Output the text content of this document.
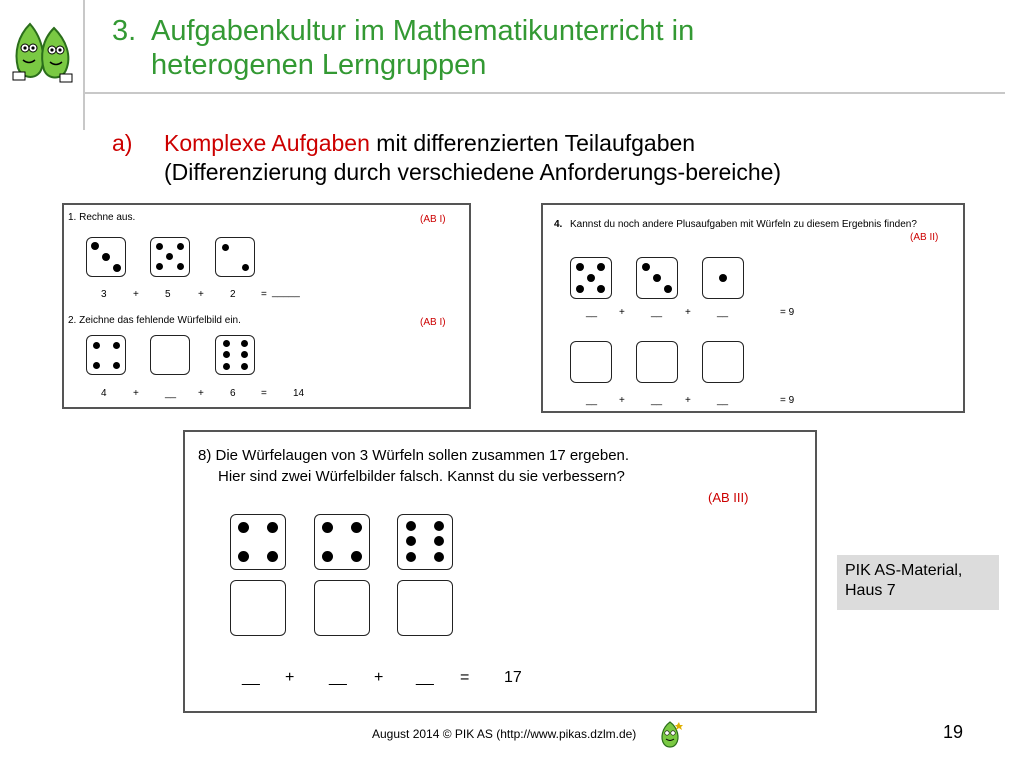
3. Aufgabenkultur im Mathematikunterricht in
heterogenen Lerngruppen
a) Komplexe Aufgaben mit differenzierten Teilaufgaben
(Differenzierung durch verschiedene Anforderungs-bereiche)
1. Rechne aus.	(AB I)
3	+	5	+	2	= _____
2. Zeichne das fehlende Würfelbild ein.	(AB I)
4	+	__ +	6	=	14
4. Kannst du noch andere Plusaufgaben mit Würfeln zu diesem Ergebnis finden?
(AB II)
__ +	__ +	__	= 9
__ +	__ +	__	= 9
8) Die Würfelaugen von 3 Würfeln sollen zusammen 17 ergeben.
Hier sind zwei Würfelbilder falsch. Kannst du sie verbessern?
(AB III)
__ + __ + __ = 17
PIK AS-Material,
Haus 7
August 2014 © PIK AS (http://www.pikas.dzlm.de)	19
